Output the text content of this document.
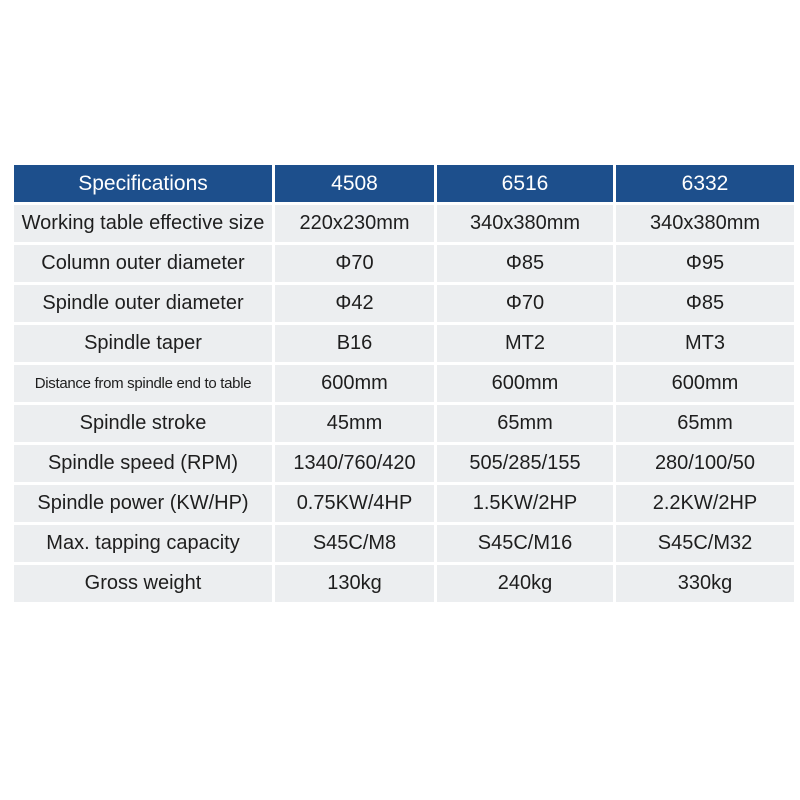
Specifications	4508	6516	6332
Working table effective size	220x230mm	340x380mm	340x380mm
Column outer diameter	Φ70	Φ85	Φ95
Spindle outer diameter	Φ42	Φ70	Φ85
Spindle taper	B16	MT2	MT3
Distance from spindle end to table	600mm	600mm	600mm
Spindle stroke	45mm	65mm	65mm
Spindle speed (RPM)	1340/760/420	505/285/155	280/100/50
Spindle power (KW/HP)	0.75KW/4HP	1.5KW/2HP	2.2KW/2HP
Max. tapping capacity	S45C/M8	S45C/M16	S45C/M32
Gross weight	130kg	240kg	330kg
